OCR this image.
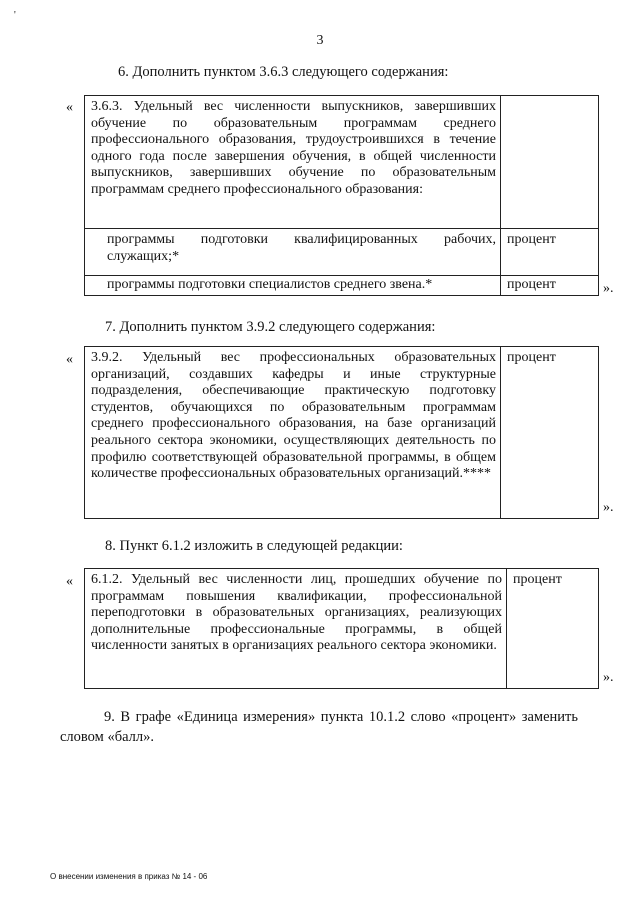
'
3
6. Дополнить пунктом 3.6.3 следующего содержания:
« 3.6.3. Удельный вес численности выпускников, завершивших обучение по образовательным программам среднего профессионального образования, трудоустроившихся в течение одного года после завершения обучения, в общей численности выпускников, завершивших обучение по образовательным программам среднего профессионального образования:	
программы подготовки квалифицированных рабочих, служащих;*	процент
программы подготовки специалистов среднего звена.*	процент	».
7. Дополнить пунктом 3.9.2 следующего содержания:
« 3.9.2. Удельный вес профессиональных образовательных организаций, создавших кафедры и иные структурные подразделения, обеспечивающие практическую подготовку студентов, обучающихся по образовательным программам среднего профессионального образования, на базе организаций реального сектора экономики, осуществляющих деятельность по профилю соответствующей образовательной программы, в общем количестве профессиональных образовательных организаций.****	процент
».
8. Пункт 6.1.2 изложить в следующей редакции:
« 6.1.2. Удельный вес численности лиц, прошедших обучение по программам повышения квалификации, профессиональной переподготовки в образовательных организациях, реализующих дополнительные профессиональные программы, в общей численности занятых в организациях реального сектора экономики.	процент
».
9. В графе «Единица измерения» пункта 10.1.2 слово «процент» заменить словом «балл».
О внесении изменения в приказ № 14 - 06
